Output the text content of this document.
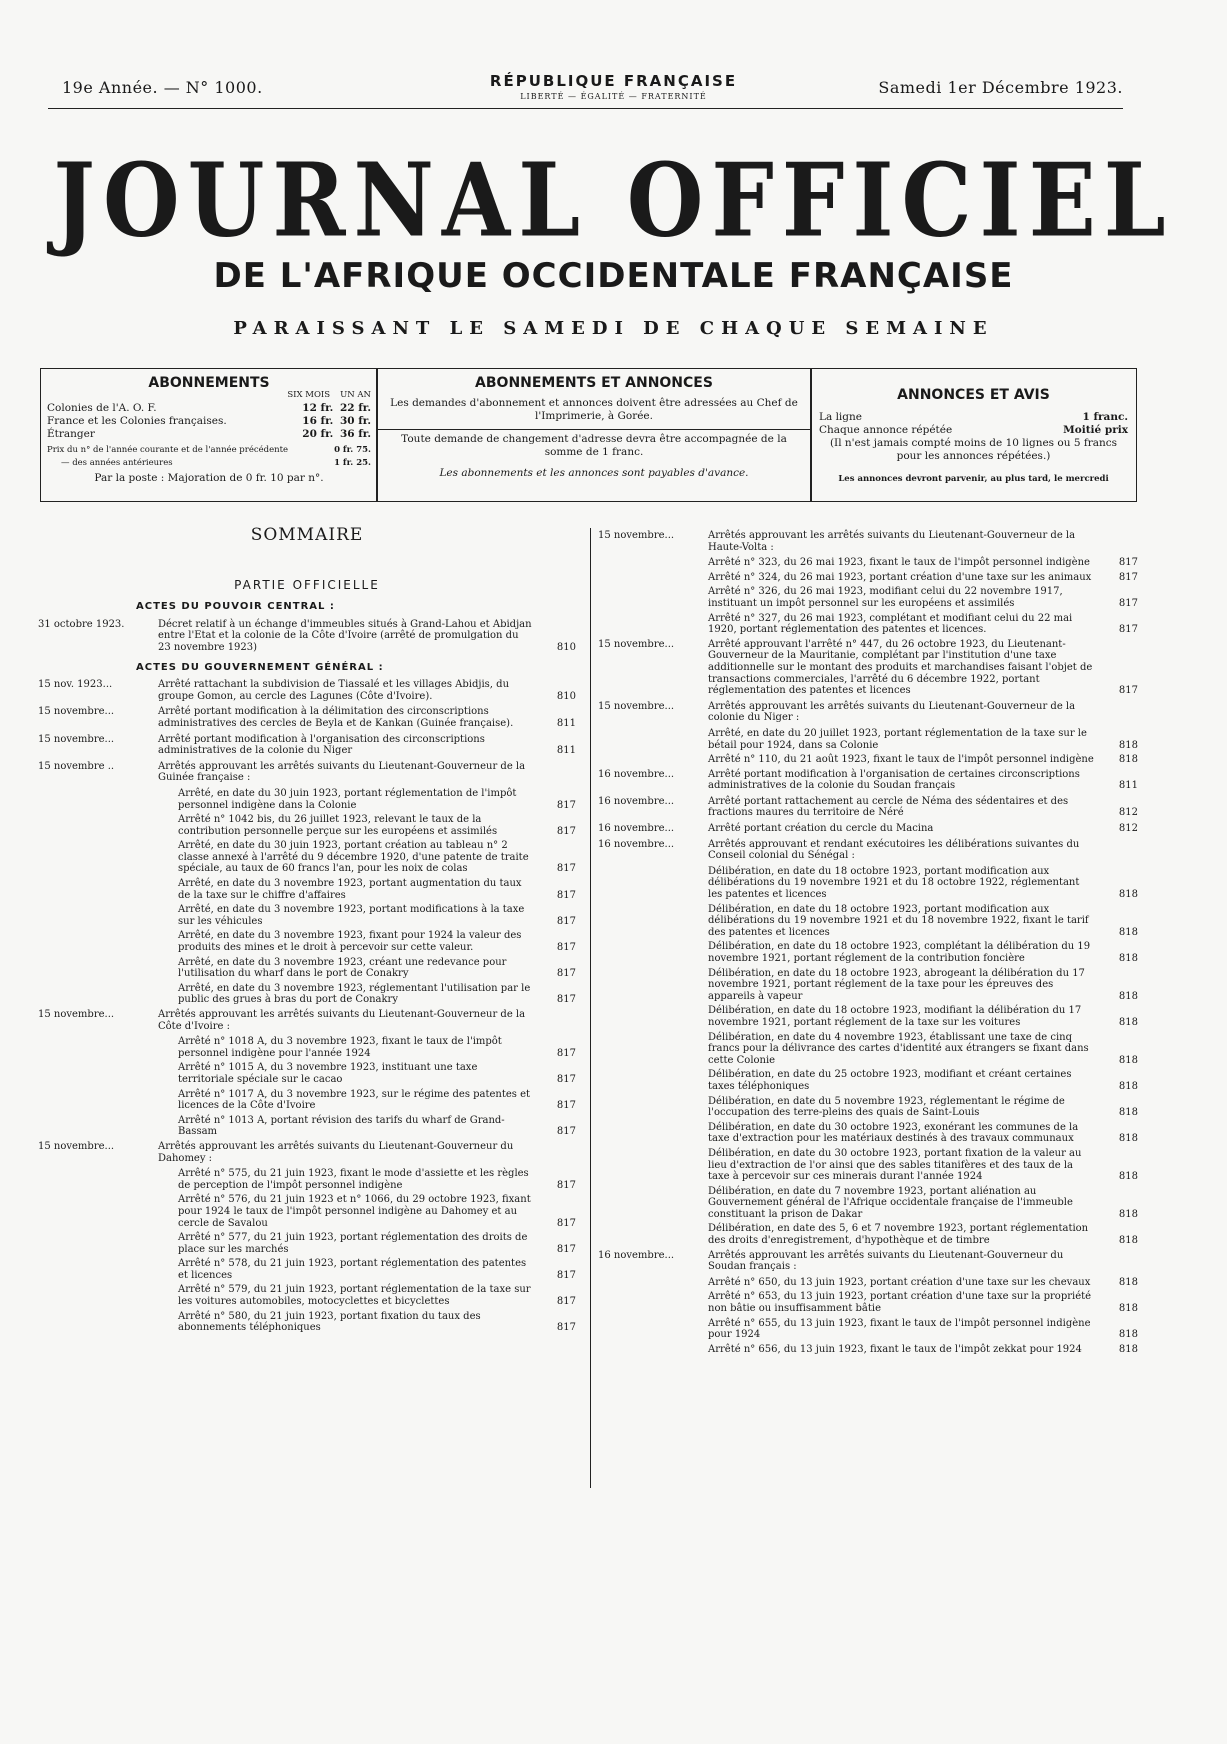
19e Année. — N° 1000.	RÉPUBLIQUE FRANÇAISE
LIBERTÉ — ÉGALITÉ — FRATERNITÉ	Samedi 1er Décembre 1923.
JOURNAL OFFICIEL
DE L'AFRIQUE OCCIDENTALE FRANÇAISE
PARAISSANT LE SAMEDI DE CHAQUE SEMAINE
ABONNEMENTS
SIX MOIS UN AN
Colonies de l'A. O. F.	12 fr. 22 fr.
France et les Colonies françaises.	16 fr. 30 fr.
Étranger	20 fr. 36 fr.
Prix du n° de l'année courante et de l'année précédente	0 fr. 75.
— des années antérieures	1 fr. 25.
Par la poste : Majoration de 0 fr. 10 par n°.
ABONNEMENTS ET ANNONCES
Les demandes d'abonnement et annonces doivent être adressées au Chef de l'Imprimerie, à Gorée.
Toute demande de changement d'adresse devra être accompagnée de la somme de 1 franc.
Les abonnements et les annonces sont payables d'avance.
ANNONCES ET AVIS
La ligne	1 franc.
Chaque annonce répétée	Moitié prix
(Il n'est jamais compté moins de 10 lignes ou 5 francs pour les annonces répétées.)
Les annonces devront parvenir, au plus tard, le mercredi
SOMMAIRE
PARTIE OFFICIELLE
ACTES DU POUVOIR CENTRAL :
31 octobre 1923.	Décret relatif à un échange d'immeubles situés à Grand-Lahou et Abidjan entre l'Etat et la colonie de la Côte d'Ivoire (arrêté de promulgation du 23 novembre 1923)	810
ACTES DU GOUVERNEMENT GÉNÉRAL :
15 nov. 1923...	Arrêté rattachant la subdivision de Tiassalé et les villages Abidjis, du groupe Gomon, au cercle des Lagunes (Côte d'Ivoire).	810
15 novembre...	Arrêté portant modification à la délimitation des circonscriptions administratives des cercles de Beyla et de Kankan (Guinée française).	811
15 novembre...	Arrêté portant modification à l'organisation des circonscriptions administratives de la colonie du Niger	811
15 novembre ..	Arrêtés approuvant les arrêtés suivants du Lieutenant-Gouverneur de la Guinée française :
Arrêté, en date du 30 juin 1923, portant réglementation de l'impôt personnel indigène dans la Colonie	817
Arrêté n° 1042 bis, du 26 juillet 1923, relevant le taux de la contribution personnelle perçue sur les européens et assimilés	817
Arrêté, en date du 30 juin 1923, portant création au tableau n° 2 classe annexé à l'arrêté du 9 décembre 1920, d'une patente de traite spéciale, au taux de 60 francs l'an, pour les noix de colas	817
Arrêté, en date du 3 novembre 1923, portant augmentation du taux de la taxe sur le chiffre d'affaires	817
Arrêté, en date du 3 novembre 1923, portant modifications à la taxe sur les véhicules	817
Arrêté, en date du 3 novembre 1923, fixant pour 1924 la valeur des produits des mines et le droit à percevoir sur cette valeur.	817
Arrêté, en date du 3 novembre 1923, créant une redevance pour l'utilisation du wharf dans le port de Conakry	817
Arrêté, en date du 3 novembre 1923, réglementant l'utilisation par le public des grues à bras du port de Conakry	817
15 novembre...	Arrêtés approuvant les arrêtés suivants du Lieutenant-Gouverneur de la Côte d'Ivoire :
Arrêté n° 1018 A, du 3 novembre 1923, fixant le taux de l'impôt personnel indigène pour l'année 1924	817
Arrêté n° 1015 A, du 3 novembre 1923, instituant une taxe territoriale spéciale sur le cacao	817
Arrêté n° 1017 A, du 3 novembre 1923, sur le régime des patentes et licences de la Côte d'Ivoire	817
Arrêté n° 1013 A, portant révision des tarifs du wharf de Grand-Bassam	817
15 novembre...	Arrêtés approuvant les arrêtés suivants du Lieutenant-Gouverneur du Dahomey :
Arrêté n° 575, du 21 juin 1923, fixant le mode d'assiette et les règles de perception de l'impôt personnel indigène	817
Arrêté n° 576, du 21 juin 1923 et n° 1066, du 29 octobre 1923, fixant pour 1924 le taux de l'impôt personnel indigène au Dahomey et au cercle de Savalou	817
Arrêté n° 577, du 21 juin 1923, portant réglementation des droits de place sur les marchés	817
Arrêté n° 578, du 21 juin 1923, portant réglementation des patentes et licences	817
Arrêté n° 579, du 21 juin 1923, portant réglementation de la taxe sur les voitures automobiles, motocyclettes et bicyclettes	817
Arrêté n° 580, du 21 juin 1923, portant fixation du taux des abonnements téléphoniques	817
15 novembre...	Arrêtés approuvant les arrêtés suivants du Lieutenant-Gouverneur de la Haute-Volta :
Arrêté n° 323, du 26 mai 1923, fixant le taux de l'impôt personnel indigène	817
Arrêté n° 324, du 26 mai 1923, portant création d'une taxe sur les animaux	817
Arrêté n° 326, du 26 mai 1923, modifiant celui du 22 novembre 1917, instituant un impôt personnel sur les européens et assimilés	817
Arrêté n° 327, du 26 mai 1923, complétant et modifiant celui du 22 mai 1920, portant réglementation des patentes et licences.	817
15 novembre...	Arrêté approuvant l'arrêté n° 447, du 26 octobre 1923, du Lieutenant-Gouverneur de la Mauritanie, complétant par l'institution d'une taxe additionnelle sur le montant des produits et marchandises faisant l'objet de transactions commerciales, l'arrêté du 6 décembre 1922, portant réglementation des patentes et licences	817
15 novembre...	Arrêtés approuvant les arrêtés suivants du Lieutenant-Gouverneur de la colonie du Niger :
Arrêté, en date du 20 juillet 1923, portant réglementation de la taxe sur le bétail pour 1924, dans sa Colonie	818
Arrêté n° 110, du 21 août 1923, fixant le taux de l'impôt personnel indigène	818
16 novembre...	Arrêté portant modification à l'organisation de certaines circonscriptions administratives de la colonie du Soudan français	811
16 novembre...	Arrêté portant rattachement au cercle de Néma des sédentaires et des fractions maures du territoire de Néré	812
16 novembre...	Arrêté portant création du cercle du Macina	812
16 novembre...	Arrêtés approuvant et rendant exécutoires les délibérations suivantes du Conseil colonial du Sénégal :
Délibération, en date du 18 octobre 1923, portant modification aux délibérations du 19 novembre 1921 et du 18 octobre 1922, réglementant les patentes et licences	818
Délibération, en date du 18 octobre 1923, portant modification aux délibérations du 19 novembre 1921 et du 18 novembre 1922, fixant le tarif des patentes et licences	818
Délibération, en date du 18 octobre 1923, complétant la délibération du 19 novembre 1921, portant réglement de la contribution foncière	818
Délibération, en date du 18 octobre 1923, abrogeant la délibération du 17 novembre 1921, portant réglement de la taxe pour les épreuves des appareils à vapeur	818
Délibération, en date du 18 octobre 1923, modifiant la délibération du 17 novembre 1921, portant réglement de la taxe sur les voitures	818
Délibération, en date du 4 novembre 1923, établissant une taxe de cinq francs pour la délivrance des cartes d'identité aux étrangers se fixant dans cette Colonie	818
Délibération, en date du 25 octobre 1923, modifiant et créant certaines taxes téléphoniques	818
Délibération, en date du 5 novembre 1923, réglementant le régime de l'occupation des terre-pleins des quais de Saint-Louis	818
Délibération, en date du 30 octobre 1923, exonérant les communes de la taxe d'extraction pour les matériaux destinés à des travaux communaux	818
Délibération, en date du 30 octobre 1923, portant fixation de la valeur au lieu d'extraction de l'or ainsi que des sables titanifères et des taux de la taxe à percevoir sur ces minerais durant l'année 1924	818
Délibération, en date du 7 novembre 1923, portant aliénation au Gouvernement général de l'Afrique occidentale française de l'immeuble constituant la prison de Dakar	818
Délibération, en date des 5, 6 et 7 novembre 1923, portant réglementation des droits d'enregistrement, d'hypothèque et de timbre	818
16 novembre...	Arrêtés approuvant les arrêtés suivants du Lieutenant-Gouverneur du Soudan français :
Arrêté n° 650, du 13 juin 1923, portant création d'une taxe sur les chevaux	818
Arrêté n° 653, du 13 juin 1923, portant création d'une taxe sur la propriété non bâtie ou insuffisamment bâtie	818
Arrêté n° 655, du 13 juin 1923, fixant le taux de l'impôt personnel indigène pour 1924	818
Arrêté n° 656, du 13 juin 1923, fixant le taux de l'impôt zekkat pour 1924	818
